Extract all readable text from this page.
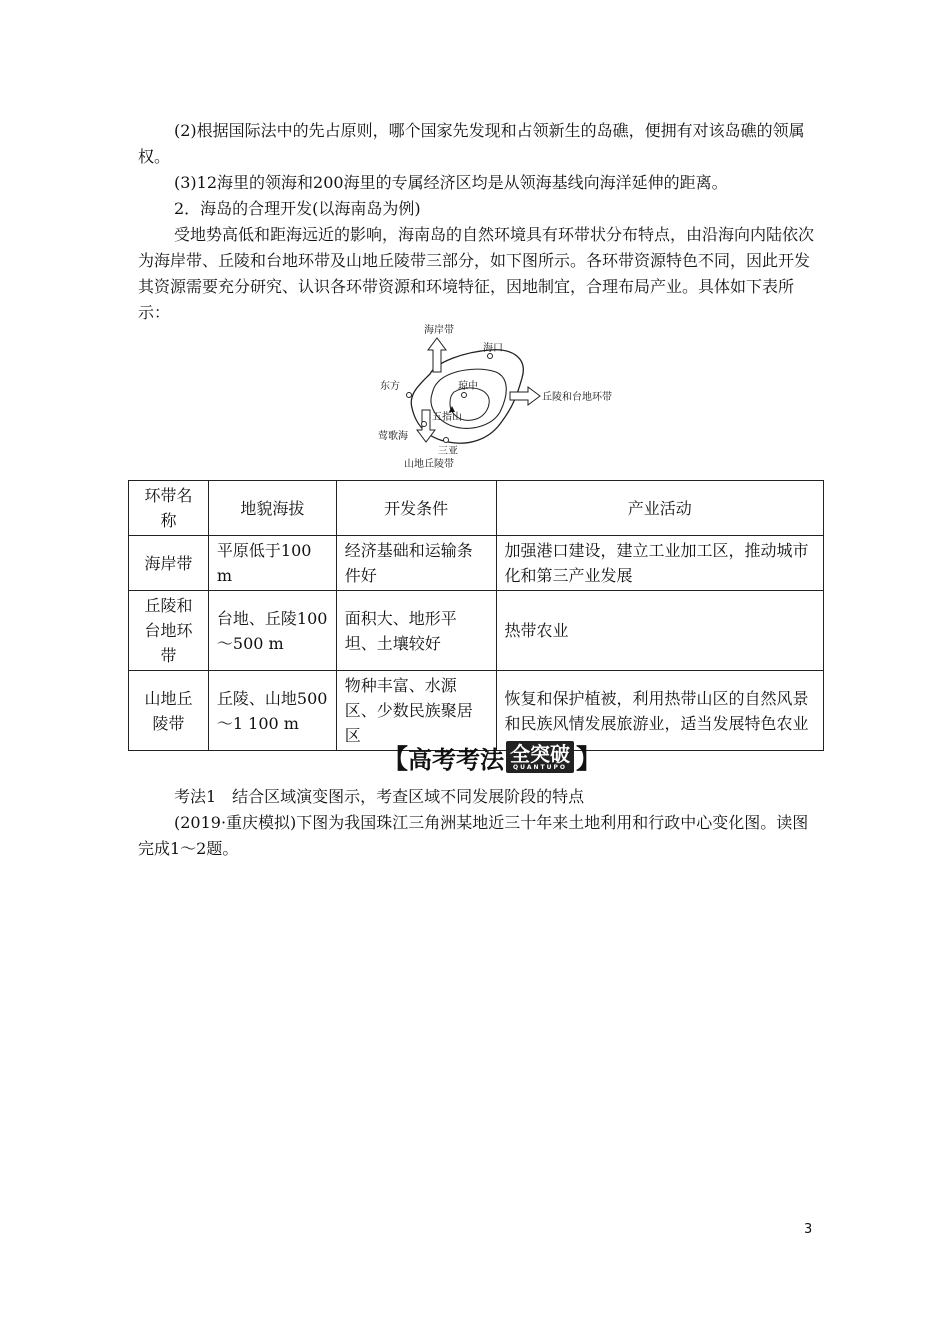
(2)根据国际法中的先占原则，哪个国家先发现和占领新生的岛礁，便拥有对该岛礁的领属权。
(3)12海里的领海和200海里的专属经济区均是从领海基线向海洋延伸的距离。
2．海岛的合理开发(以海南岛为例)
受地势高低和距海远近的影响，海南岛的自然环境具有环带状分布特点，由沿海向内陆依次为海岸带、丘陵和台地环带及山地丘陵带三部分，如下图所示。各环带资源特色不同，因此开发其资源需要充分研究、认识各环带资源和环境特征，因地制宜，合理布局产业。具体如下表所示：
海岸带
海口
东方	琼中
丘陵和台地环带
五指山
莺歌海
三亚
山地丘陵带
环带名称	地貌海拔	开发条件	产业活动
海岸带	平原低于100 m	经济基础和运输条件好	加强港口建设，建立工业加工区，推动城市化和第三产业发展
丘陵和台地环带	台地、丘陵100～500 m	面积大、地形平坦、土壤较好	热带农业
山地丘陵带	丘陵、山地500～1 100 m	物种丰富、水源区、少数民族聚居区	恢复和保护植被，利用热带山区的自然风景和民族风情发展旅游业，适当发展特色农业
【 高考考法 全突破
QUANTUPO 】
考法1　结合区域演变图示，考查区域不同发展阶段的特点
(2019·重庆模拟)下图为我国珠江三角洲某地近三十年来土地利用和行政中心变化图。读图完成1～2题。
3
